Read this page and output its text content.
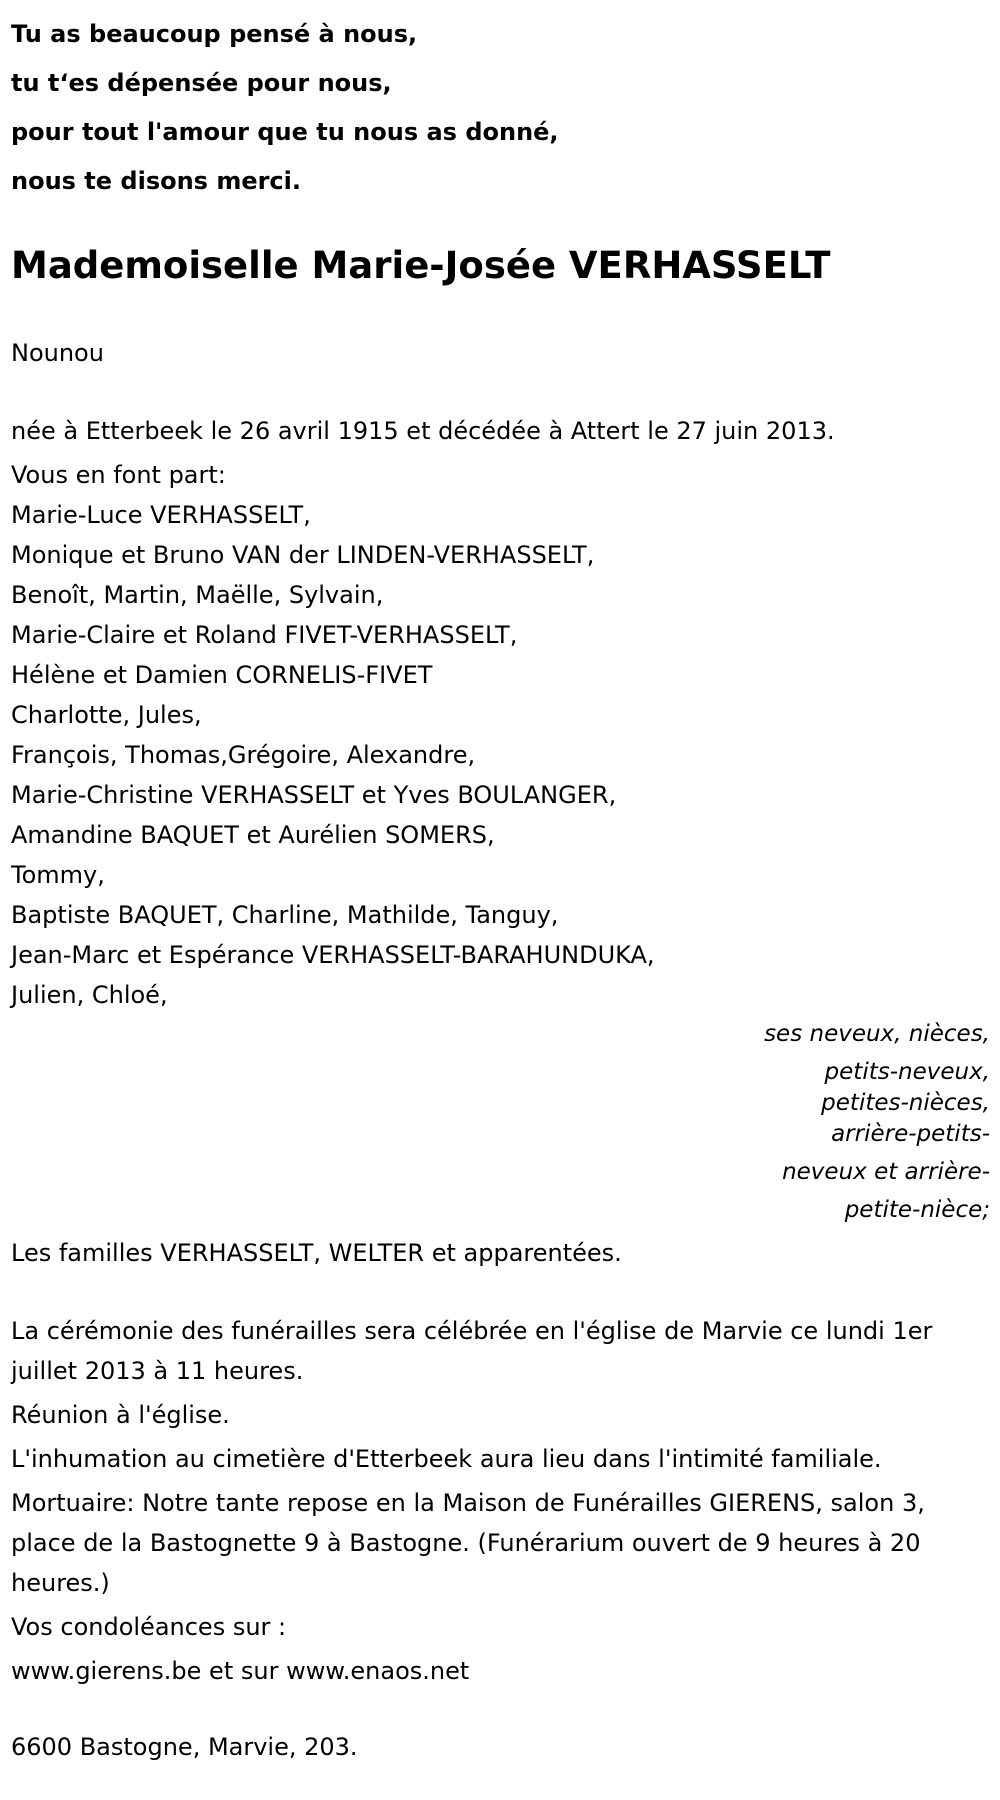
Tu as beaucoup pensé à nous,
tu t‘es dépensée pour nous,
pour tout l'amour que tu nous as donné,
nous te disons merci.
Mademoiselle Marie-Josée VERHASSELT
Nounou
née à Etterbeek le 26 avril 1915 et décédée à Attert le 27 juin 2013.
Vous en font part:
Marie-Luce VERHASSELT,
Monique et Bruno VAN der LINDEN-VERHASSELT,
Benoît, Martin, Maëlle, Sylvain,
Marie-Claire et Roland FIVET-VERHASSELT,
Hélène et Damien CORNELIS-FIVET
Charlotte, Jules,
François, Thomas,Grégoire, Alexandre,
Marie-Christine VERHASSELT et Yves BOULANGER,
Amandine BAQUET et Aurélien SOMERS,
Tommy,
Baptiste BAQUET, Charline, Mathilde, Tanguy,
Jean-Marc et Espérance VERHASSELT-BARAHUNDUKA,
Julien, Chloé,
ses neveux, nièces,
petits-neveux,
petites-nièces,
arrière-petits-
neveux et arrière-
petite-nièce;
Les familles VERHASSELT, WELTER et apparentées.
La cérémonie des funérailles sera célébrée en l'église de Marvie ce lundi 1er juillet 2013 à 11 heures.
Réunion à l'église.
L'inhumation au cimetière d'Etterbeek aura lieu dans l'intimité familiale.
Mortuaire: Notre tante repose en la Maison de Funérailles GIERENS, salon 3, place de la Bastognette 9 à Bastogne. (Funérarium ouvert de 9 heures à 20 heures.)
Vos condoléances sur :
www.gierens.be et sur www.enaos.net
6600 Bastogne, Marvie, 203.
